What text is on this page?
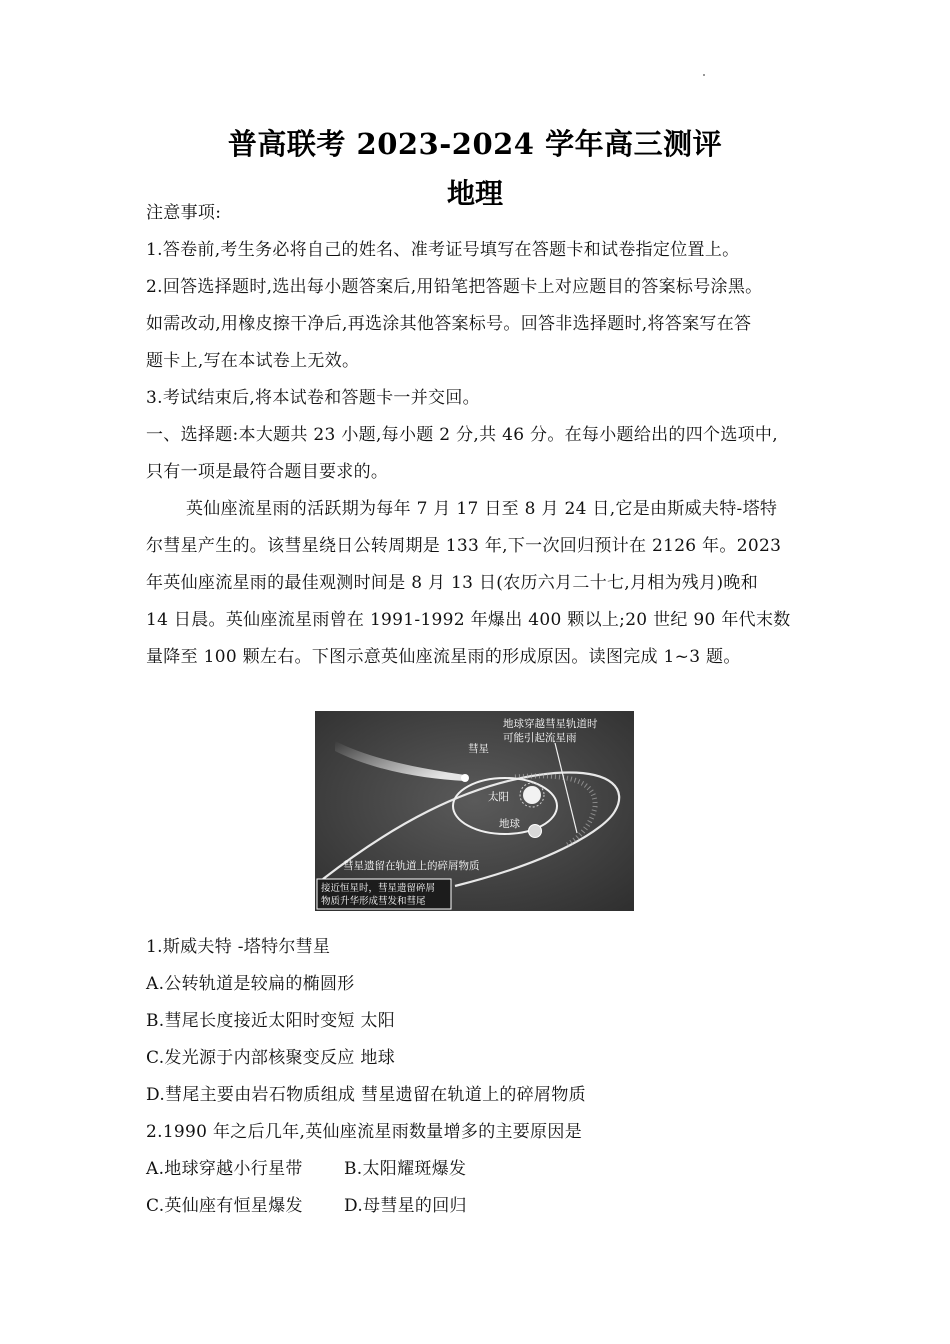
普高联考 2023-2024 学年高三测评
地理
注意事项:
1.答卷前,考生务必将自己的姓名、准考证号填写在答题卡和试卷指定位置上。
2.回答选择题时,选出每小题答案后,用铅笔把答题卡上对应题目的答案标号涂黑。
如需改动,用橡皮擦干净后,再选涂其他答案标号。回答非选择题时,将答案写在答
题卡上,写在本试卷上无效。
3.考试结束后,将本试卷和答题卡一并交回。
一、选择题:本大题共 23 小题,每小题 2 分,共 46 分。在每小题给出的四个选项中,
只有一项是最符合题目要求的。
英仙座流星雨的活跃期为每年 7 月 17 日至 8 月 24 日,它是由斯威夫特-塔特
尔彗星产生的。该彗星绕日公转周期是 133 年,下一次回归预计在 2126 年。2023
年英仙座流星雨的最佳观测时间是 8 月 13 日(农历六月二十七,月相为残月)晚和
14 日晨。英仙座流星雨曾在 1991-1992 年爆出 400 颗以上;20 世纪 90 年代末数
量降至 100 颗左右。下图示意英仙座流星雨的形成原因。读图完成 1~3 题。
地球穿越彗星轨道时
可能引起流星雨
彗星
太阳
地球
彗星遗留在轨道上的碎屑物质
接近恒星时，彗星遗留碎屑
物质升华形成彗发和彗尾
1.斯威夫特 -塔特尔彗星
A.公转轨道是较扁的椭圆形
B.彗尾长度接近太阳时变短 太阳
C.发光源于内部核聚变反应 地球
D.彗尾主要由岩石物质组成 彗星遗留在轨道上的碎屑物质
2.1990 年之后几年,英仙座流星雨数量增多的主要原因是
A.地球穿越小行星带 B.太阳耀斑爆发
C.英仙座有恒星爆发 D.母彗星的回归
